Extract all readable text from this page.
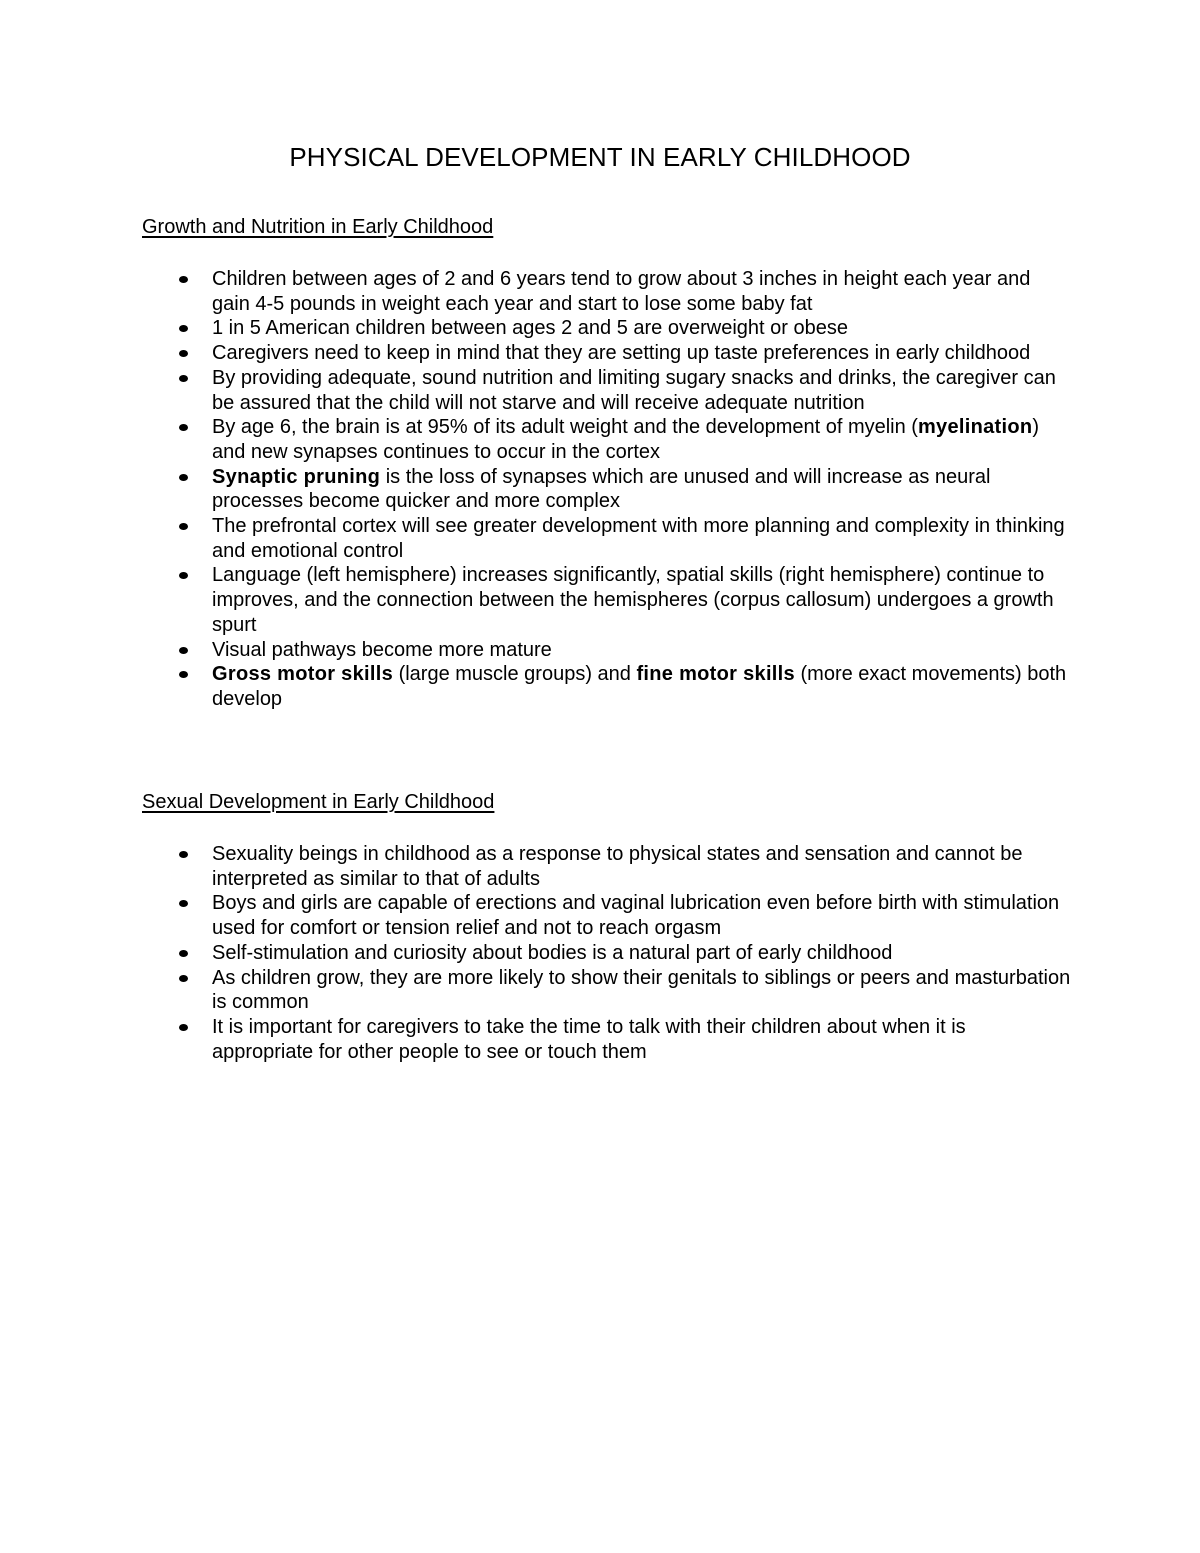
PHYSICAL DEVELOPMENT IN EARLY CHILDHOOD
Growth and Nutrition in Early Childhood
Children between ages of 2 and 6 years tend to grow about 3 inches in height each year and gain 4-5 pounds in weight each year and start to lose some baby fat
1 in 5 American children between ages 2 and 5 are overweight or obese
Caregivers need to keep in mind that they are setting up taste preferences in early childhood
By providing adequate, sound nutrition and limiting sugary snacks and drinks, the caregiver can be assured that the child will not starve and will receive adequate nutrition
By age 6, the brain is at 95% of its adult weight and the development of myelin (myelination) and new synapses continues to occur in the cortex
Synaptic pruning is the loss of synapses which are unused and will increase as neural processes become quicker and more complex
The prefrontal cortex will see greater development with more planning and complexity in thinking and emotional control
Language (left hemisphere) increases significantly, spatial skills (right hemisphere) continue to improves, and the connection between the hemispheres (corpus callosum) undergoes a growth spurt
Visual pathways become more mature
Gross motor skills (large muscle groups) and fine motor skills (more exact movements) both develop
Sexual Development in Early Childhood
Sexuality beings in childhood as a response to physical states and sensation and cannot be interpreted as similar to that of adults
Boys and girls are capable of erections and vaginal lubrication even before birth with stimulation used for comfort or tension relief and not to reach orgasm
Self-stimulation and curiosity about bodies is a natural part of early childhood
As children grow, they are more likely to show their genitals to siblings or peers and masturbation is common
It is important for caregivers to take the time to talk with their children about when it is appropriate for other people to see or touch them
